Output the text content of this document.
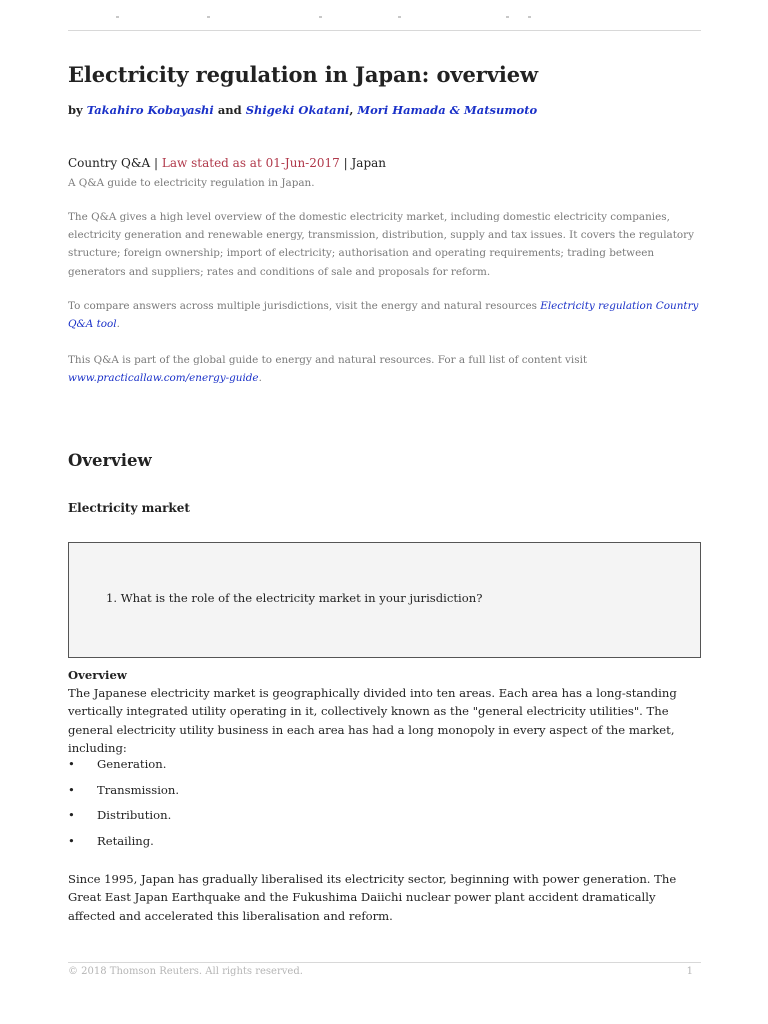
Electricity regulation in Japan: overview
by Takahiro Kobayashi and Shigeki Okatani, Mori Hamada & Matsumoto
Country Q&A | Law stated as at 01-Jun-2017 | Japan

A Q&A guide to electricity regulation in Japan.

The Q&A gives a high level overview of the domestic electricity market, including domestic electricity companies, electricity generation and renewable energy, transmission, distribution, supply and tax issues. It covers the regulatory structure; foreign ownership; import of electricity; authorisation and operating requirements; trading between generators and suppliers; rates and conditions of sale and proposals for reform.

To compare answers across multiple jurisdictions, visit the energy and natural resources Electricity regulation Country Q&A tool.

This Q&A is part of the global guide to energy and natural resources. For a full list of content visit www.practicallaw.com/energy-guide.

Overview
Electricity market
1. What is the role of the electricity market in your jurisdiction?
Overview

The Japanese electricity market is geographically divided into ten areas. Each area has a long-standing vertically integrated utility operating in it, collectively known as the "general electricity utilities". The general electricity utility business in each area has had a long monopoly in every aspect of the market, including:

• Generation.
• Transmission.
• Distribution.
• Retailing.

Since 1995, Japan has gradually liberalised its electricity sector, beginning with power generation. The Great East Japan Earthquake and the Fukushima Daiichi nuclear power plant accident dramatically affected and accelerated this liberalisation and reform.

© 2018 Thomson Reuters. All rights reserved.	1
